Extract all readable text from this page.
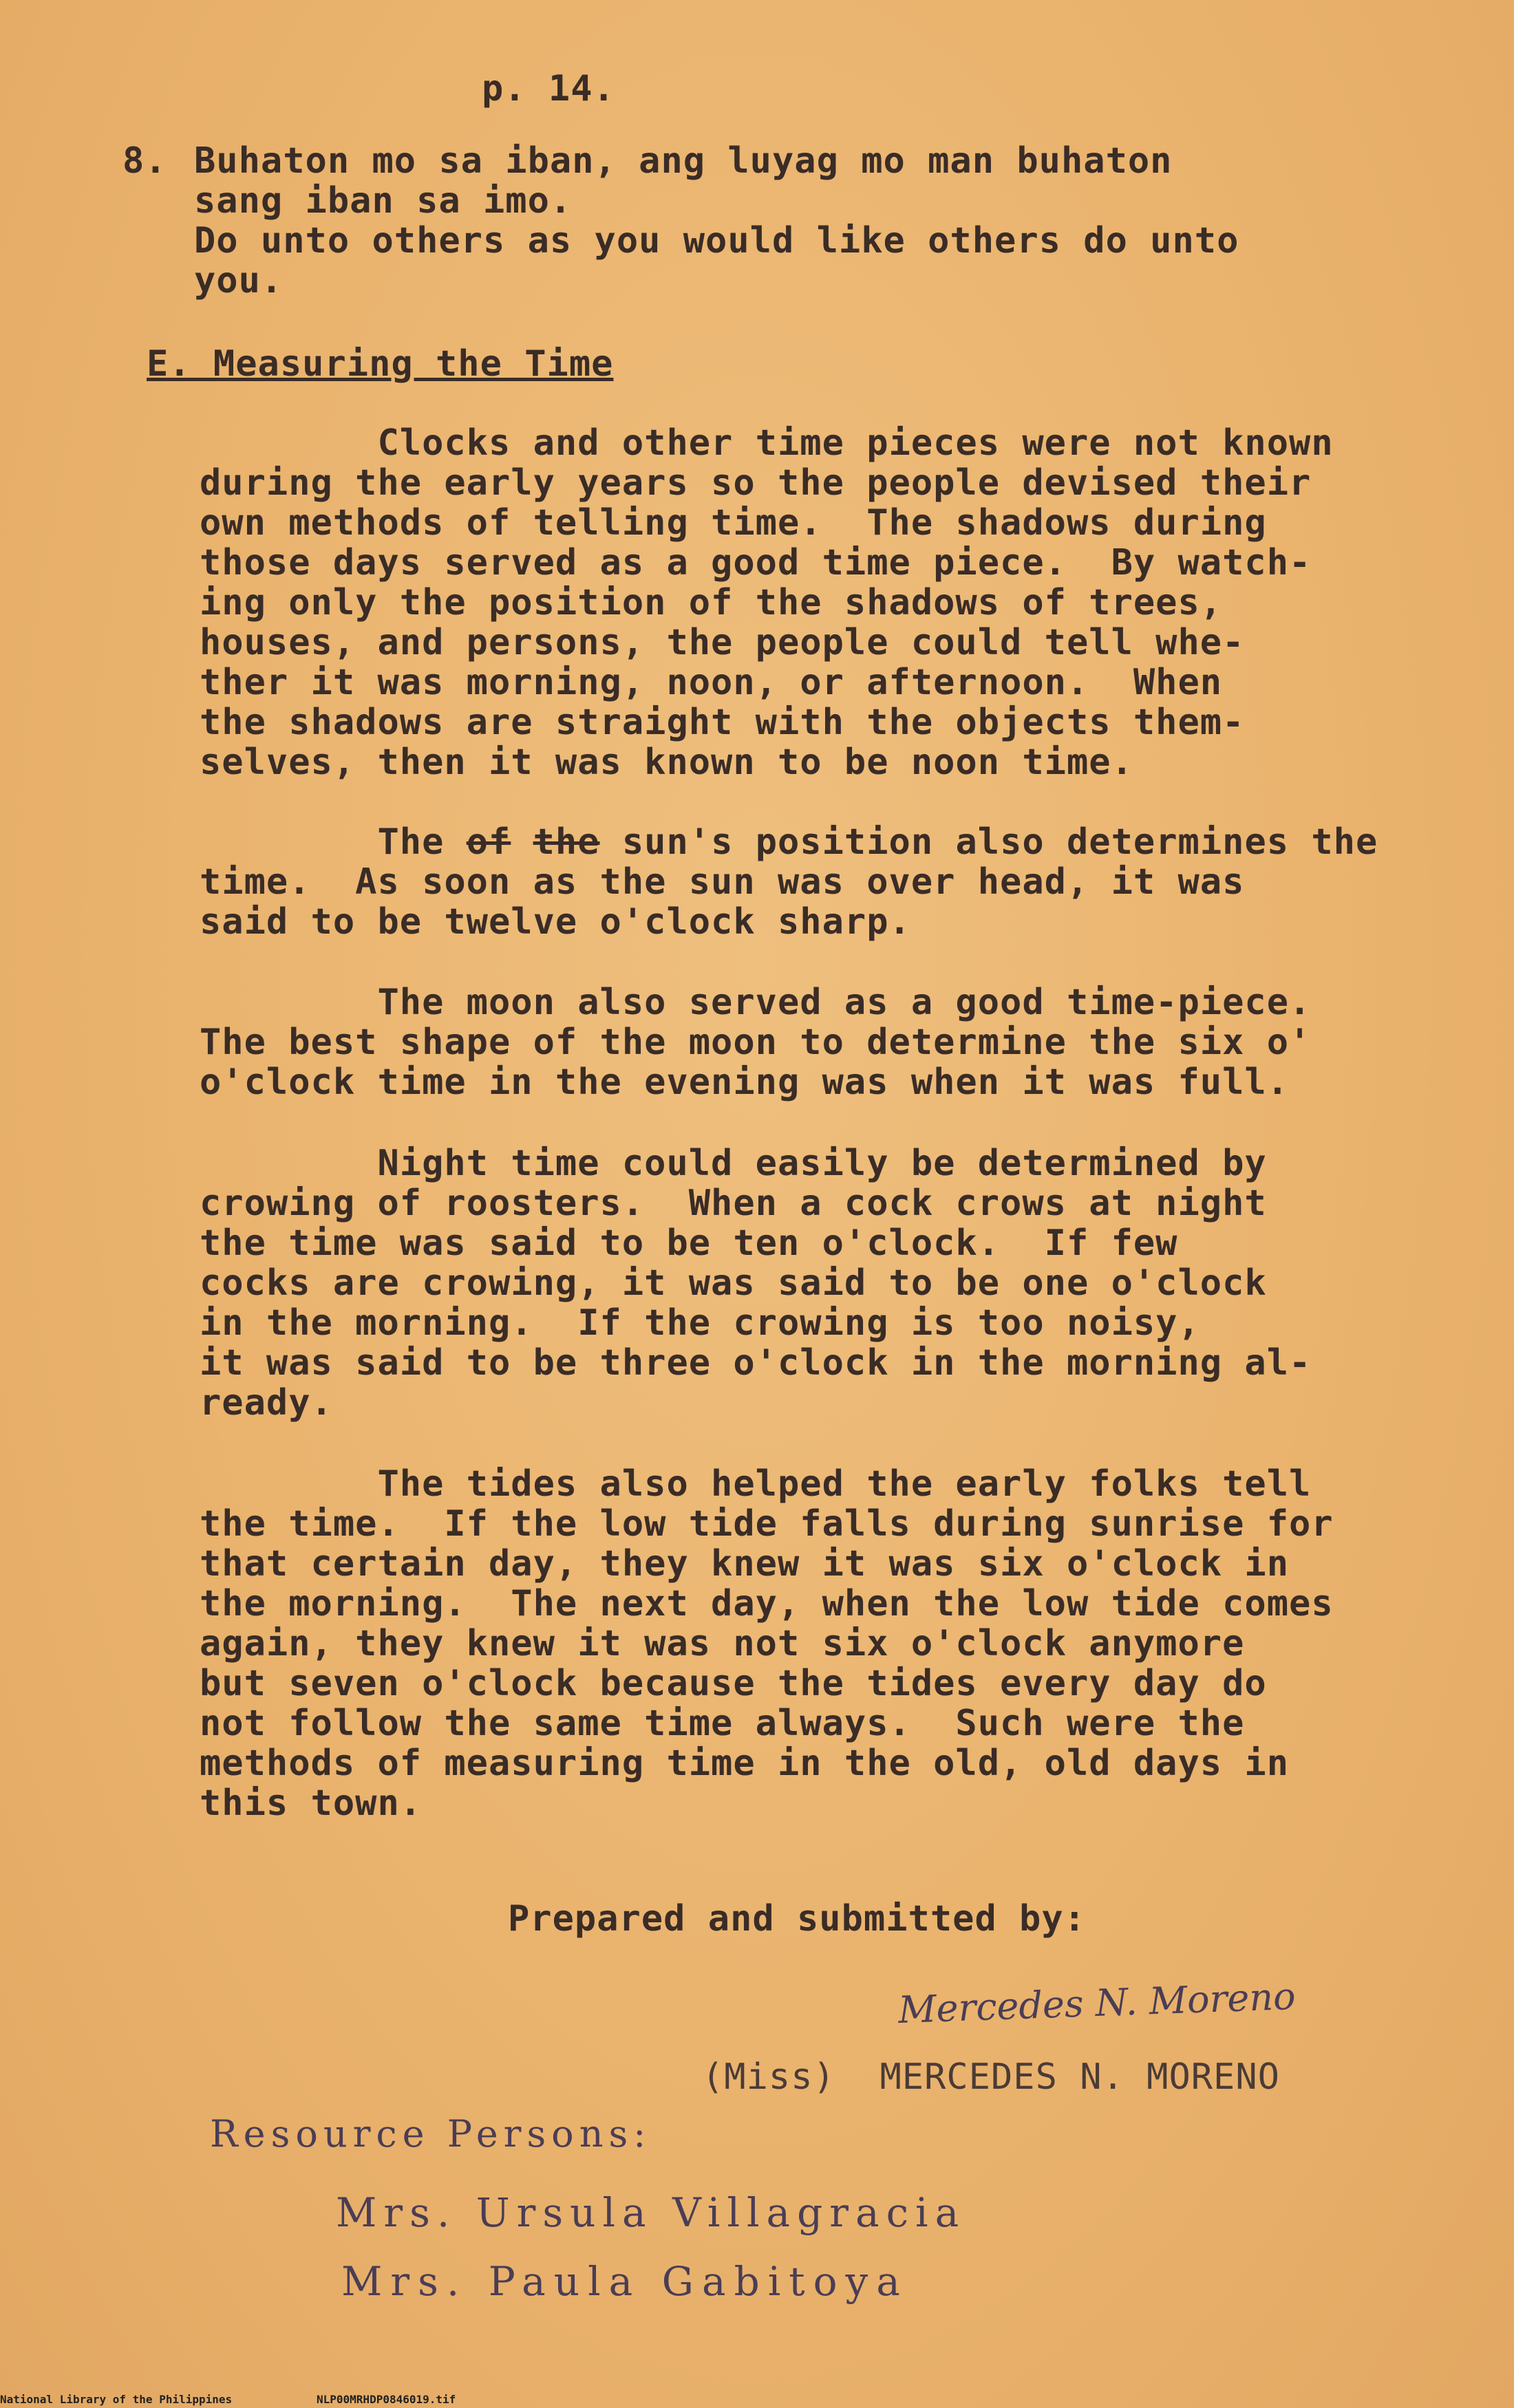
p. 14.
8. Buhaton mo sa iban, ang luyag mo man buhaton
sang iban sa imo.
Do unto others as you would like others do unto
you.
E. Measuring the Time
Clocks and other time pieces were not known
during the early years so the people devised their
own methods of telling time.  The shadows during
those days served as a good time piece.  By watch-
ing only the position of the shadows of trees,
houses, and persons, the people could tell whe-
ther it was morning, noon, or afternoon.  When
the shadows are straight with the objects them-
selves, then it was known to be noon time.
The of the sun's position also determines the
time.  As soon as the sun was over head, it was
said to be twelve o'clock sharp.
The moon also served as a good time-piece.
The best shape of the moon to determine the six o'
o'clock time in the evening was when it was full.
Night time could easily be determined by
crowing of roosters.  When a cock crows at night
the time was said to be ten o'clock.  If few
cocks are crowing, it was said to be one o'clock
in the morning.  If the crowing is too noisy,
it was said to be three o'clock in the morning al-
ready.
The tides also helped the early folks tell
the time.  If the low tide falls during sunrise for
that certain day, they knew it was six o'clock in
the morning.  The next day, when the low tide comes
again, they knew it was not six o'clock anymore
but seven o'clock because the tides every day do
not follow the same time always.  Such were the
methods of measuring time in the old, old days in
this town.
Prepared and submitted by:
Mercedes N. Moreno
(Miss)  MERCEDES N. MORENO
Resource Persons:
Mrs. Ursula Villagracia
Mrs. Paula Gabitoya
National Library of the Philippines	NLP00MRHDP0846019.tif
